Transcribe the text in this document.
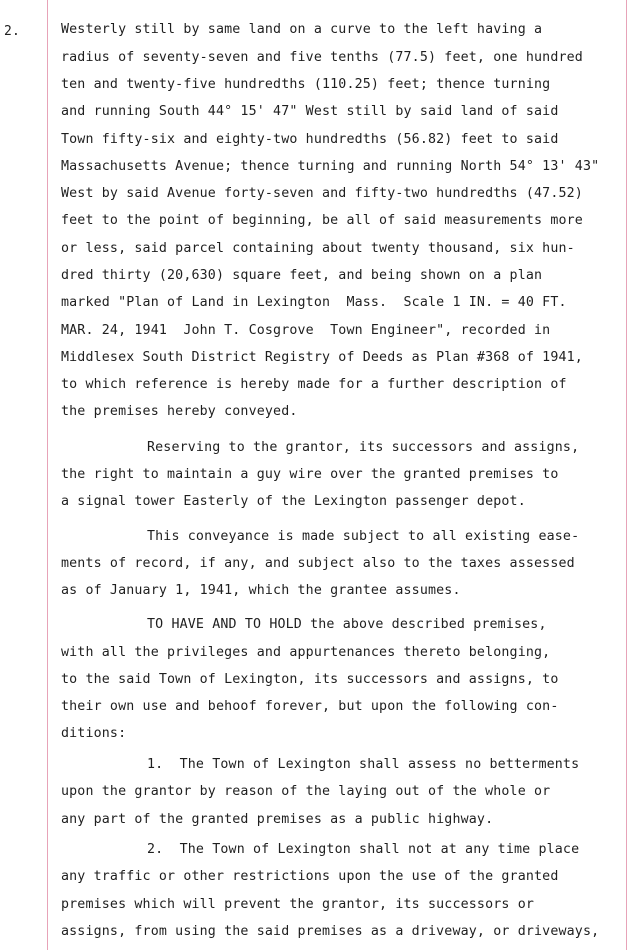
2.	Westerly still by same land on a curve to the left having a
radius of seventy-seven and five tenths (77.5) feet, one hundred
ten and twenty-five hundredths (110.25) feet; thence turning
and running South 44° 15' 47" West still by said land of said
Town fifty-six and eighty-two hundredths (56.82) feet to said
Massachusetts Avenue; thence turning and running North 54° 13' 43"
West by said Avenue forty-seven and fifty-two hundredths (47.52)
feet to the point of beginning, be all of said measurements more
or less, said parcel containing about twenty thousand, six hun-
dred thirty (20,630) square feet, and being shown on a plan
marked "Plan of Land in Lexington  Mass.  Scale 1 IN. = 40 FT.
MAR. 24, 1941  John T. Cosgrove  Town Engineer", recorded in
Middlesex South District Registry of Deeds as Plan #368 of 1941,
to which reference is hereby made for a further description of
the premises hereby conveyed.
Reserving to the grantor, its successors and assigns,
the right to maintain a guy wire over the granted premises to
a signal tower Easterly of the Lexington passenger depot.
This conveyance is made subject to all existing ease-
ments of record, if any, and subject also to the taxes assessed
as of January 1, 1941, which the grantee assumes.
TO HAVE AND TO HOLD the above described premises,
with all the privileges and appurtenances thereto belonging,
to the said Town of Lexington, its successors and assigns, to
their own use and behoof forever, but upon the following con-
ditions:
1.  The Town of Lexington shall assess no betterments
upon the grantor by reason of the laying out of the whole or
any part of the granted premises as a public highway.
2.  The Town of Lexington shall not at any time place
any traffic or other restrictions upon the use of the granted
premises which will prevent the grantor, its successors or
assigns, from using the said premises as a driveway, or driveways,
